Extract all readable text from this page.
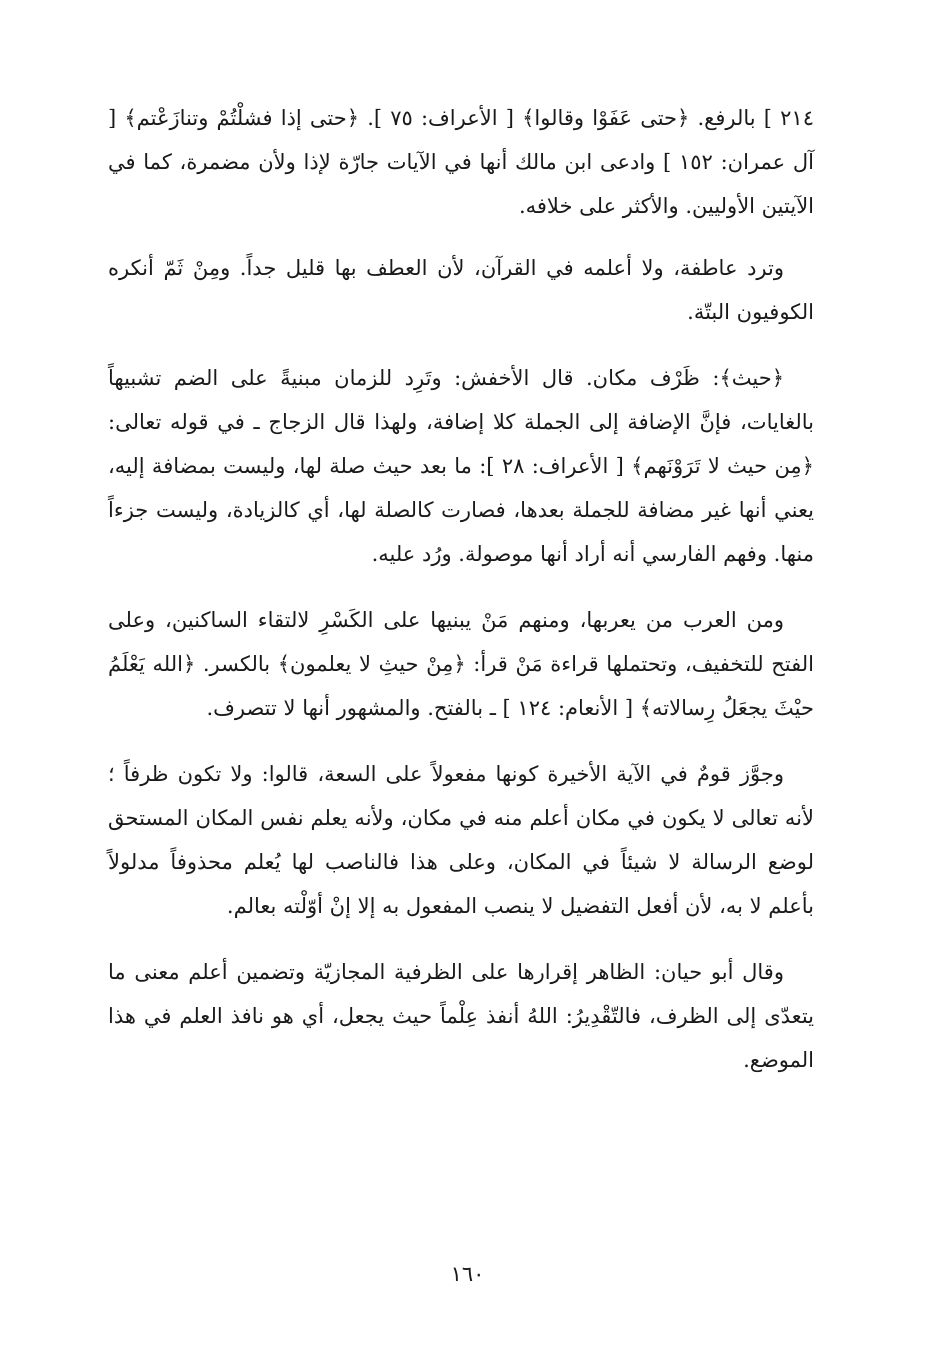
٢١٤ ] بالرفع. ﴿حتى عَفَوْا وقالوا﴾ [ الأعراف: ٧٥ ]. ﴿حتى إذا فشلْتُمْ وتنازَعْتم﴾ [ آل عمران: ١٥٢ ] وادعى ابن مالك أنها في الآيات جارّة لإذا ولأن مضمرة، كما في الآيتين الأوليين. والأكثر على خلافه.

وترد عاطفة، ولا أعلمه في القرآن، لأن العطف بها قليل جداً. ومِنْ ثَمّ أنكره الكوفيون البتّة.

﴿حيث﴾: ظَرْف مكان. قال الأخفش: وتَرِد للزمان مبنيةً على الضم تشبيهاً بالغايات، فإنَّ الإضافة إلى الجملة كلا إضافة، ولهذا قال الزجاج ـ في قوله تعالى: ﴿مِن حيث لا تَرَوْنَهم﴾ [ الأعراف: ٢٨ ]: ما بعد حيث صلة لها، وليست بمضافة إليه، يعني أنها غير مضافة للجملة بعدها، فصارت كالصلة لها، أي كالزيادة، وليست جزءاً منها. وفهم الفارسي أنه أراد أنها موصولة. ورُد عليه.

ومن العرب من يعربها، ومنهم مَنْ يبنيها على الكَسْرِ لالتقاء الساكنين، وعلى الفتح للتخفيف، وتحتملها قراءة مَنْ قرأ: ﴿مِنْ حيثِ لا يعلمون﴾ بالكسر. ﴿الله يَعْلَمُ حيْثَ يجعَلُ رِسالاته﴾ [ الأنعام: ١٢٤ ] ـ بالفتح. والمشهور أنها لا تتصرف.

وجوَّز قومٌ في الآية الأخيرة كونها مفعولاً على السعة، قالوا: ولا تكون ظرفاً ؛ لأنه تعالى لا يكون في مكان أعلم منه في مكان، ولأنه يعلم نفس المكان المستحق لوضع الرسالة لا شيئاً في المكان، وعلى هذا فالناصب لها يُعلم محذوفاً مدلولاً بأعلم لا به، لأن أفعل التفضيل لا ينصب المفعول به إلا إنْ أوّلْته بعالم.

وقال أبو حيان: الظاهر إقرارها على الظرفية المجازيّة وتضمين أعلم معنى ما يتعدّى إلى الظرف، فالتّقْدِيرُ: اللهُ أنفذ عِلْماً حيث يجعل، أي هو نافذ العلم في هذا الموضع.

١٦٠
